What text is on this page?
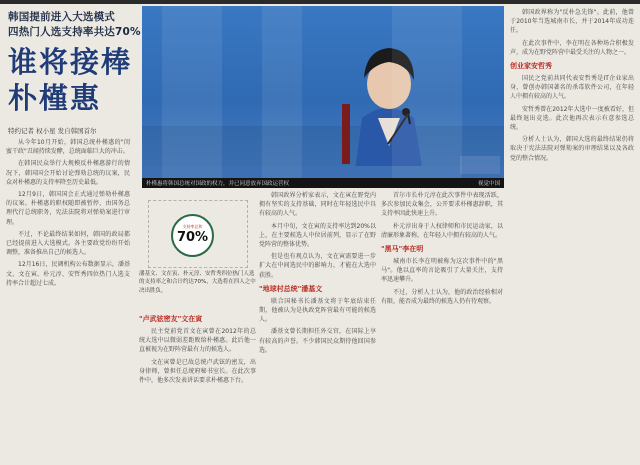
韩国提前进入大选模式
四热门人选支持率共达70%
谁将接棒
朴槿惠
特约记者 权小星 发自韩国首尔

从今年10月开始，韩国总统朴槿惠的"闺蜜干政"丑闻持续发酵，总统面临巨大的冲击。

在韩国民众举行大规模反朴槿惠游行的情况下，韩国国会开始讨论弹劾总统的议案，民众对朴槿惠的支持率降至历史最低。

12月9日，韩国国会正式通过弹劾朴槿惠的议案。朴槿惠的职权随即被暂停，由国务总理代行总统职务，宪法法院将对弹劾案进行审理。

不过，不论最终结果如何，韩国的政局都已经提前进入大选模式。各主要政党纷纷开始调整，准备推出自己的候选人。

12月16日，民调机构公布数据显示，潘基文、文在寅、朴元淳、安哲秀四位热门人选支持率合计超过七成。

朴槿惠将韩国总统对国政的权力，并已同意放弃国政运营权	视觉中国
支持率总和
70%

潘基文、文在寅、朴元淳、安哲秀四位热门人选的支持率之和合计约达70%，大选将在四人之中决出胜负。

"卢武铉密友"文在寅

民主党前党首文在寅曾在2012年的总统大选中以微弱差距败给朴槿惠。此后他一直被视为在野阵营最有力的候选人。

文在寅曾是已故总统卢武铉的密友，出身律师，曾担任总统府秘书室长。在此次事件中，他多次发表讲话要求朴槿惠下台。

韩国政界分析家表示，文在寅在野党内拥有坚实的支持基础，同时在年轻选民中具有较高的人气。

本月中旬，文在寅的支持率达到20%以上，在主要候选人中位居前列，显示了在野党阵营的整体优势。

但是也有观点认为，文在寅需要进一步扩大在中间选民中的影响力，才能在大选中获胜。

"地球村总统"潘基文

联合国秘书长潘基文将于年底结束任期，他被认为是执政党阵营最有可能的候选人。

潘基文曾长期担任外交官，在国际上享有较高的声誉。不少韩国民众期待他回国参选。

首尔市长朴元淳在此次事件中表现活跃，多次参加民众集会，公开要求朴槿惠辞职，其支持率因此快速上升。

朴元淳出身于人权律师和市民运动家，以清廉形象著称，在年轻人中拥有较高的人气。

"黑马"李在明

城南市长李在明被称为这次事件中的"黑马"。他以直率的言论吸引了大量关注，支持率迅速攀升。

不过，分析人士认为，他的政治经验相对有限，能否成为最终的候选人仍有待观察。

韩国政界称为"反朴急先锋"。此前，他曾于2010年当选城南市长，并于2014年成功连任。

在此次事件中，李在明在各种场合积极发声，成为在野党阵营中最受关注的人物之一。

创业家安哲秀

国民之党前共同代表安哲秀是IT企业家出身，曾创办韩国著名的杀毒软件公司，在年轻人中拥有较高的人气。

安哲秀曾在2012年大选中一度被看好，但最终退出竞选。此次他再次表示有意参选总统。

分析人士认为，韩国大选的最终结果仍将取决于宪法法院对弹劾案的审理结果以及各政党的整合情况。
